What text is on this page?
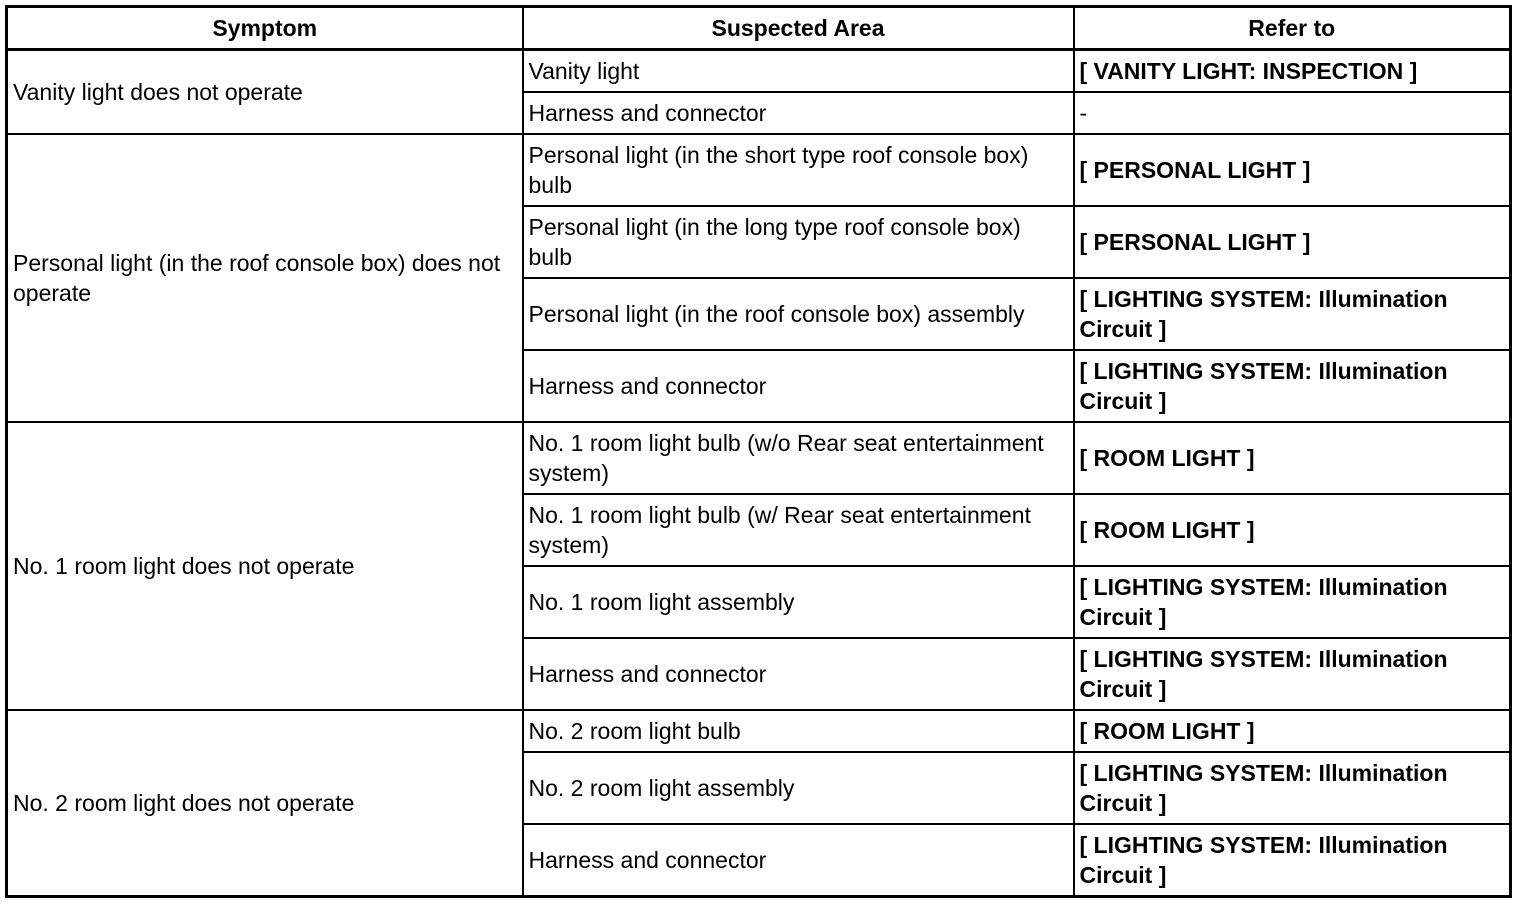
Symptom	Suspected Area	Refer to
Vanity light does not operate	Vanity light	[ VANITY LIGHT: INSPECTION ]
	Harness and connector	-
Personal light (in the roof console box) does not operate	Personal light (in the short type roof console box) bulb	[ PERSONAL LIGHT ]
	Personal light (in the long type roof console box) bulb	[ PERSONAL LIGHT ]
	Personal light (in the roof console box) assembly	[ LIGHTING SYSTEM: Illumination Circuit ]
	Harness and connector	[ LIGHTING SYSTEM: Illumination Circuit ]
No. 1 room light does not operate	No. 1 room light bulb (w/o Rear seat entertainment system)	[ ROOM LIGHT ]
	No. 1 room light bulb (w/ Rear seat entertainment system)	[ ROOM LIGHT ]
	No. 1 room light assembly	[ LIGHTING SYSTEM: Illumination Circuit ]
	Harness and connector	[ LIGHTING SYSTEM: Illumination Circuit ]
No. 2 room light does not operate	No. 2 room light bulb	[ ROOM LIGHT ]
	No. 2 room light assembly	[ LIGHTING SYSTEM: Illumination Circuit ]
	Harness and connector	[ LIGHTING SYSTEM: Illumination Circuit ]
